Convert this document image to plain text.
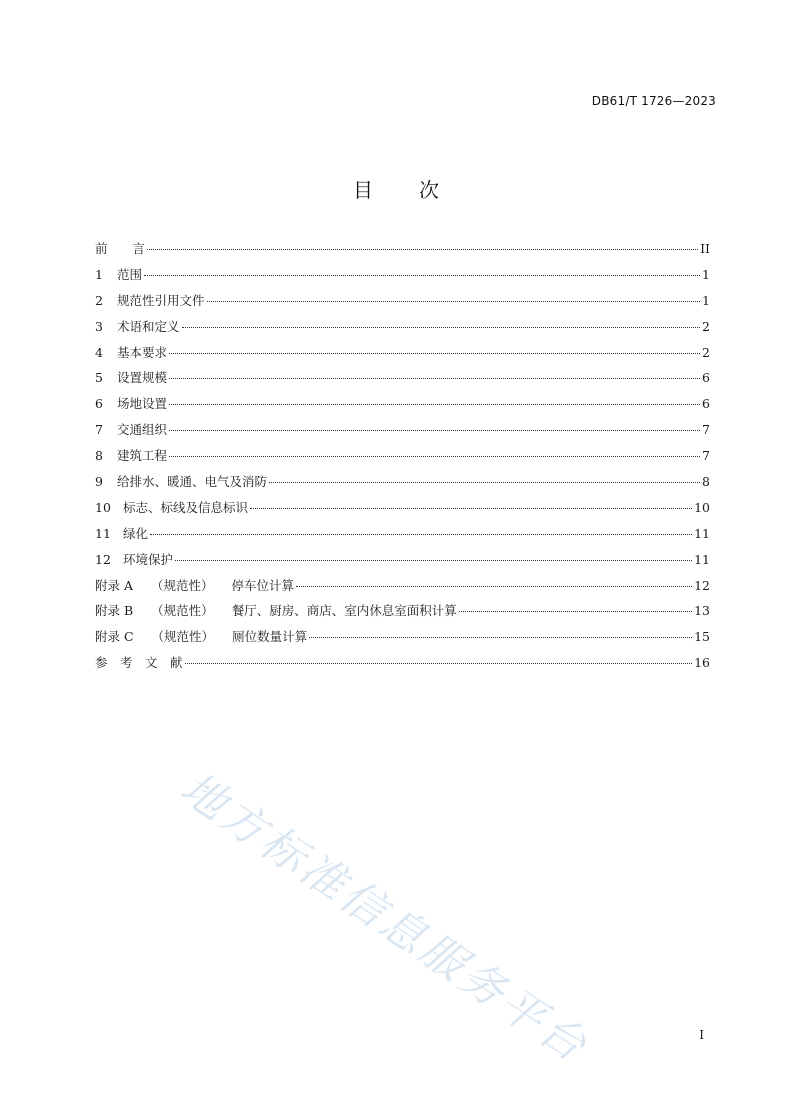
DB61/T 1726—2023
目 次
前　　言	II
1	范围	1
2	规范性引用文件	1
3	术语和定义	2
4	基本要求	2
5	设置规模	6
6	场地设置	6
7	交通组织	7
8	建筑工程	7
9	给排水、暖通、电气及消防	8
10 标志、标线及信息标识	10
11 绿化	11
12 环境保护	11
附录 A （规范性） 停车位计算	12
附录 B （规范性） 餐厅、厨房、商店、室内休息室面积计算	13
附录 C （规范性） 厕位数量计算	15
参　考　文　献	16
地方标准信息服务平台	I
